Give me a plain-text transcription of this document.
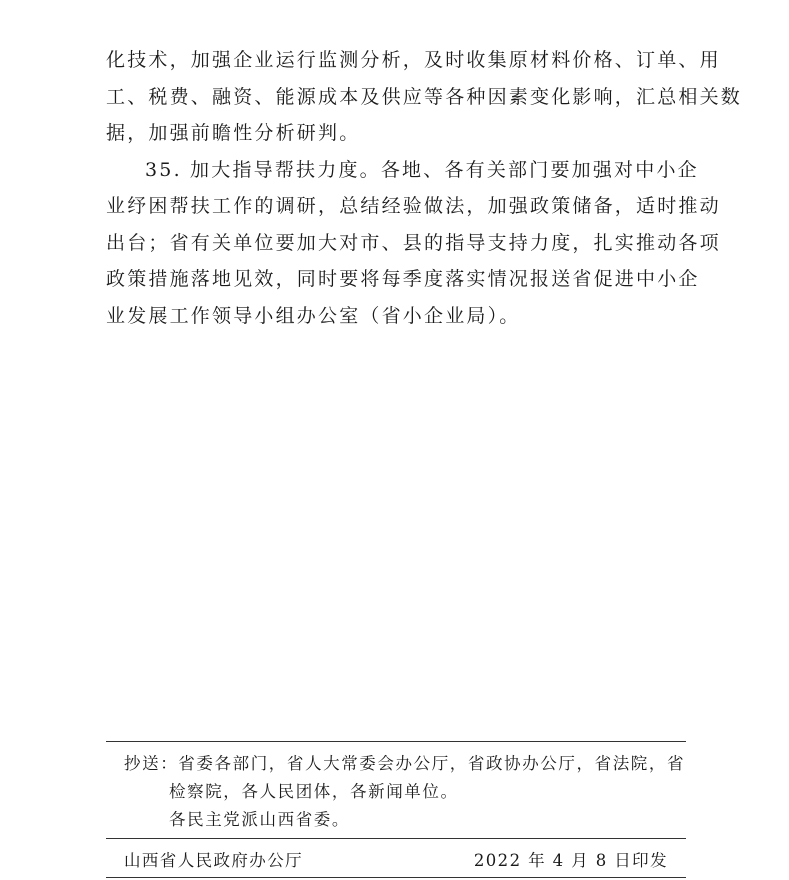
化技术，加强企业运行监测分析，及时收集原材料价格、订单、用
工、税费、融资、能源成本及供应等各种因素变化影响，汇总相关数
据，加强前瞻性分析研判。
35. 加大指导帮扶力度。各地、各有关部门要加强对中小企
业纾困帮扶工作的调研，总结经验做法，加强政策储备，适时推动
出台；省有关单位要加大对市、县的指导支持力度，扎实推动各项
政策措施落地见效，同时要将每季度落实情况报送省促进中小企
业发展工作领导小组办公室（省小企业局）。
抄送：省委各部门，省人大常委会办公厅，省政协办公厅，省法院，省
检察院，各人民团体，各新闻单位。
各民主党派山西省委。
山西省人民政府办公厅	2022 年 4 月 8 日印发
